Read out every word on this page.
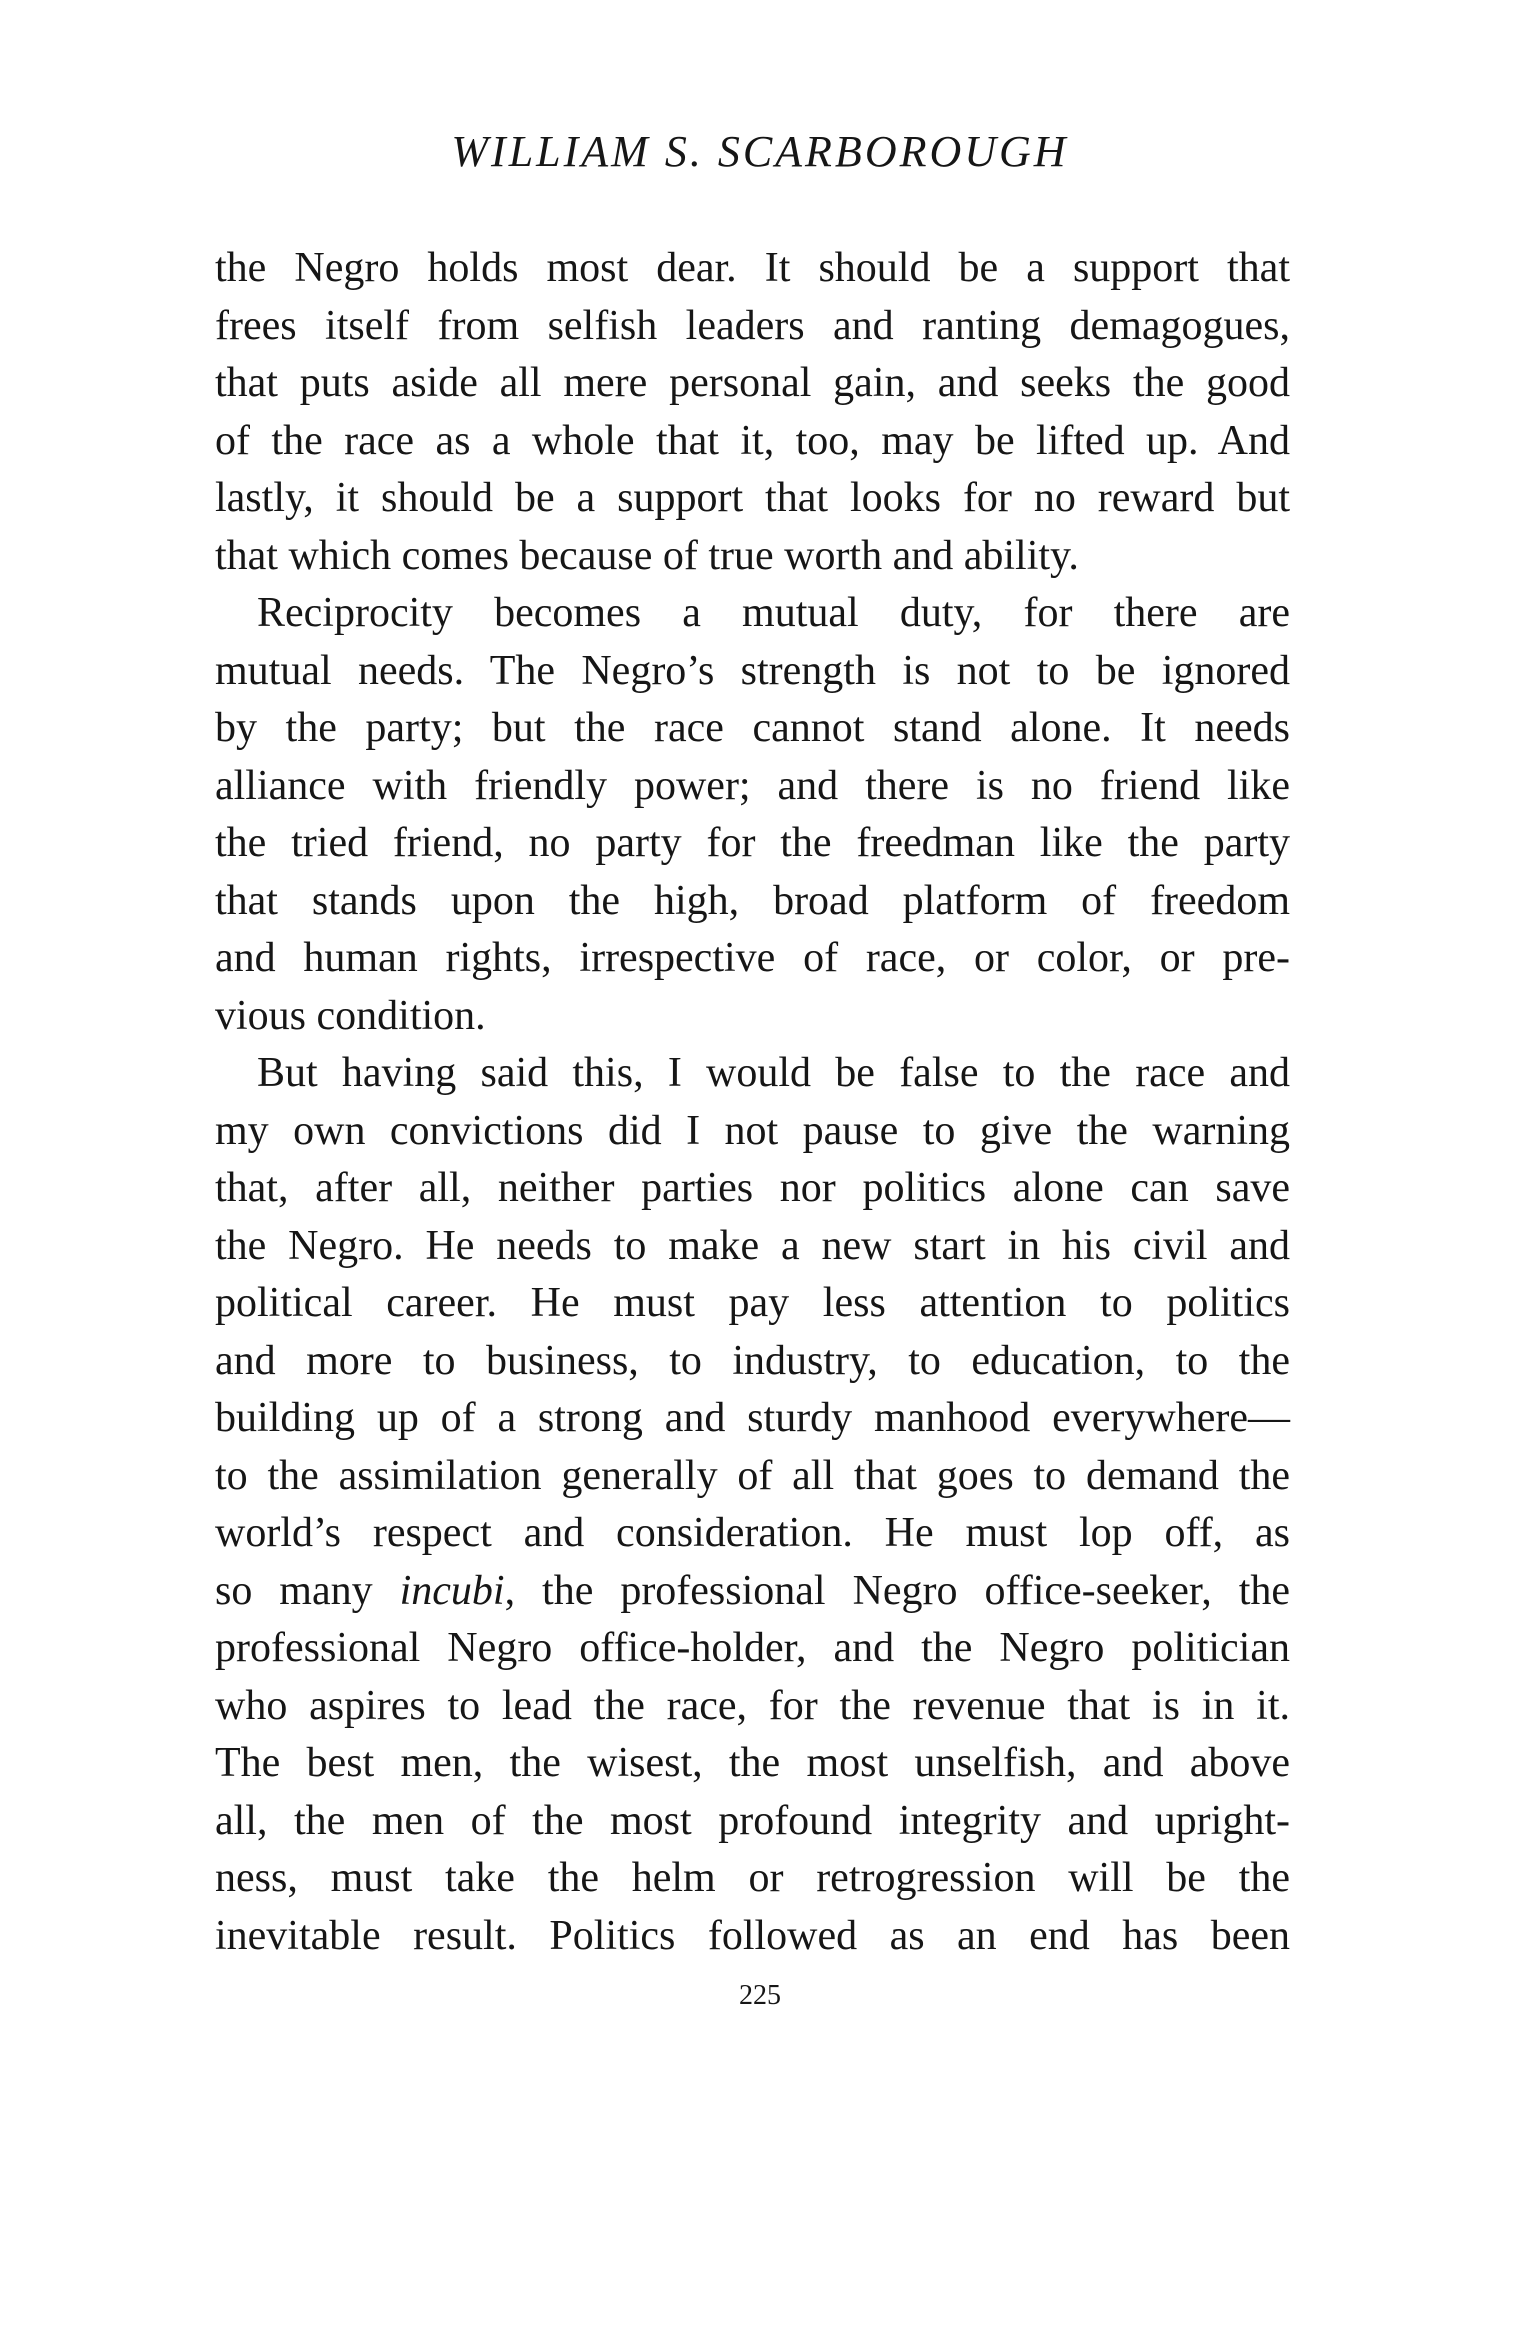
WILLIAM S. SCARBOROUGH
the Negro holds most dear. It should be a support that
frees itself from selfish leaders and ranting demagogues,
that puts aside all mere personal gain, and seeks the good
of the race as a whole that it, too, may be lifted up. And
lastly, it should be a support that looks for no reward but
that which comes because of true worth and ability.
Reciprocity becomes a mutual duty, for there are
mutual needs. The Negro’s strength is not to be ignored
by the party; but the race cannot stand alone. It needs
alliance with friendly power; and there is no friend like
the tried friend, no party for the freedman like the party
that stands upon the high, broad platform of freedom
and human rights, irrespective of race, or color, or pre-
vious condition.
But having said this, I would be false to the race and
my own convictions did I not pause to give the warning
that, after all, neither parties nor politics alone can save
the Negro. He needs to make a new start in his civil and
political career. He must pay less attention to politics
and more to business, to industry, to education, to the
building up of a strong and sturdy manhood everywhere—
to the assimilation generally of all that goes to demand the
world’s respect and consideration. He must lop off, as
so many incubi, the professional Negro office-seeker, the
professional Negro office-holder, and the Negro politician
who aspires to lead the race, for the revenue that is in it.
The best men, the wisest, the most unselfish, and above
all, the men of the most profound integrity and upright-
ness, must take the helm or retrogression will be the
inevitable result. Politics followed as an end has been
225
